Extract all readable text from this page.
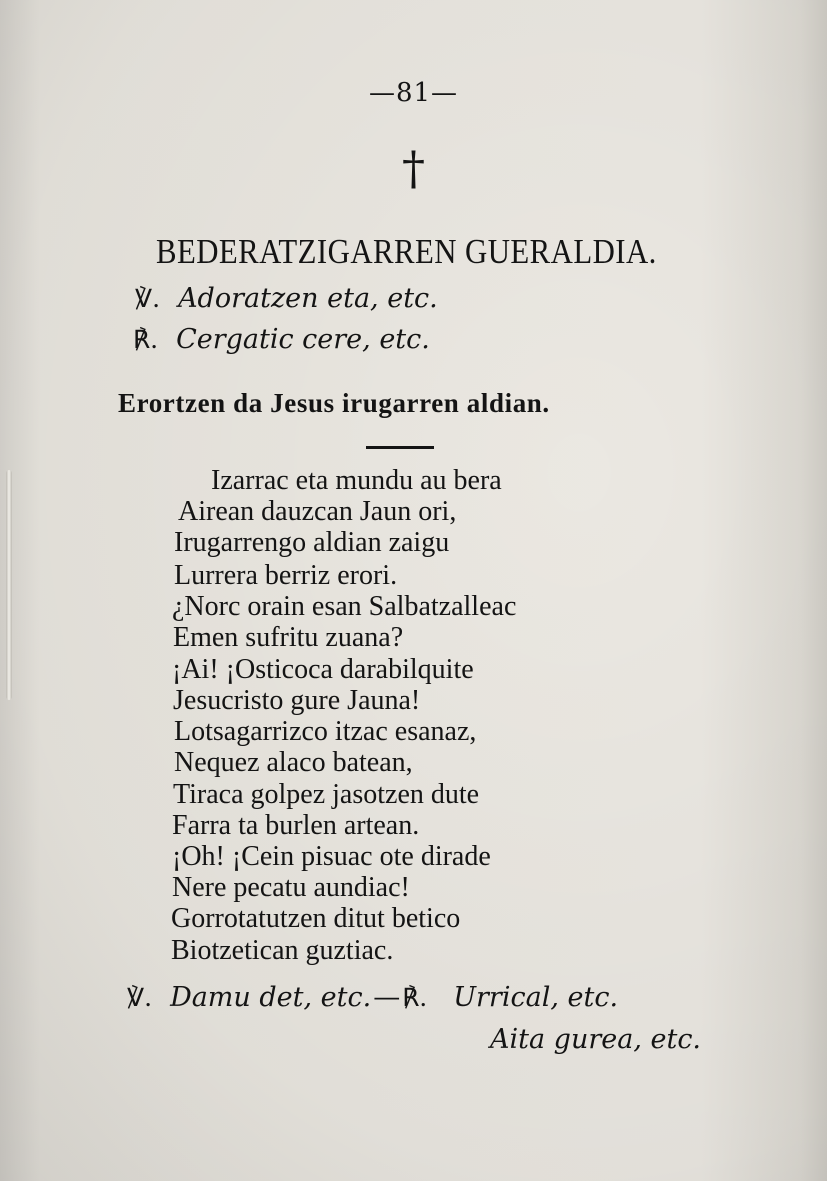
—81—
†
BEDERATZIGARREN GUERALDIA.
℣. Adoratzen eta, etc.
℟. Cergatic cere, etc.
Erortzen da Jesus irugarren aldian.
Izarrac eta mundu au bera
Airean dauzcan Jaun ori,
Irugarrengo aldian zaigu
Lurrera berriz erori.
¿Norc orain esan Salbatzalleac
Emen sufritu zuana?
¡Ai! ¡Osticoca darabilquite
Jesucristo gure Jauna!
Lotsagarrizco itzac esanaz,
Nequez alaco batean,
Tiraca golpez jasotzen dute
Farra ta burlen artean.
¡Oh! ¡Cein pisuac ote dirade
Nere pecatu aundiac!
Gorrotatutzen ditut betico
Biotzetican guztiac.
℣. Damu det, etc.—℟. Urrical, etc.
Aita gurea, etc.
